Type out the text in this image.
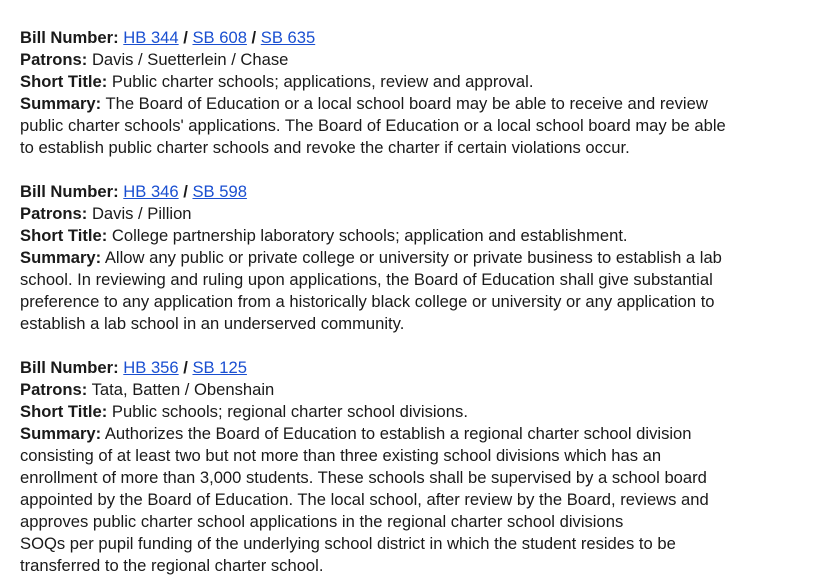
Bill Number: HB 344 / SB 608 / SB 635
Patrons: Davis / Suetterlein / Chase
Short Title: Public charter schools; applications, review and approval.
Summary: The Board of Education or a local school board may be able to receive and review
public charter schools' applications. The Board of Education or a local school board may be able
to establish public charter schools and revoke the charter if certain violations occur.
Bill Number: HB 346 / SB 598
Patrons: Davis / Pillion
Short Title: College partnership laboratory schools; application and establishment.
Summary: Allow any public or private college or university or private business to establish a lab
school. In reviewing and ruling upon applications, the Board of Education shall give substantial
preference to any application from a historically black college or university or any application to
establish a lab school in an underserved community.
Bill Number: HB 356 / SB 125
Patrons: Tata, Batten / Obenshain
Short Title: Public schools; regional charter school divisions.
Summary: Authorizes the Board of Education to establish a regional charter school division
consisting of at least two but not more than three existing school divisions which has an
enrollment of more than 3,000 students. These schools shall be supervised by a school board
appointed by the Board of Education. The local school, after review by the Board, reviews and
approves public charter school applications in the regional charter school divisions
SOQs per pupil funding of the underlying school district in which the student resides to be
transferred to the regional charter school.
